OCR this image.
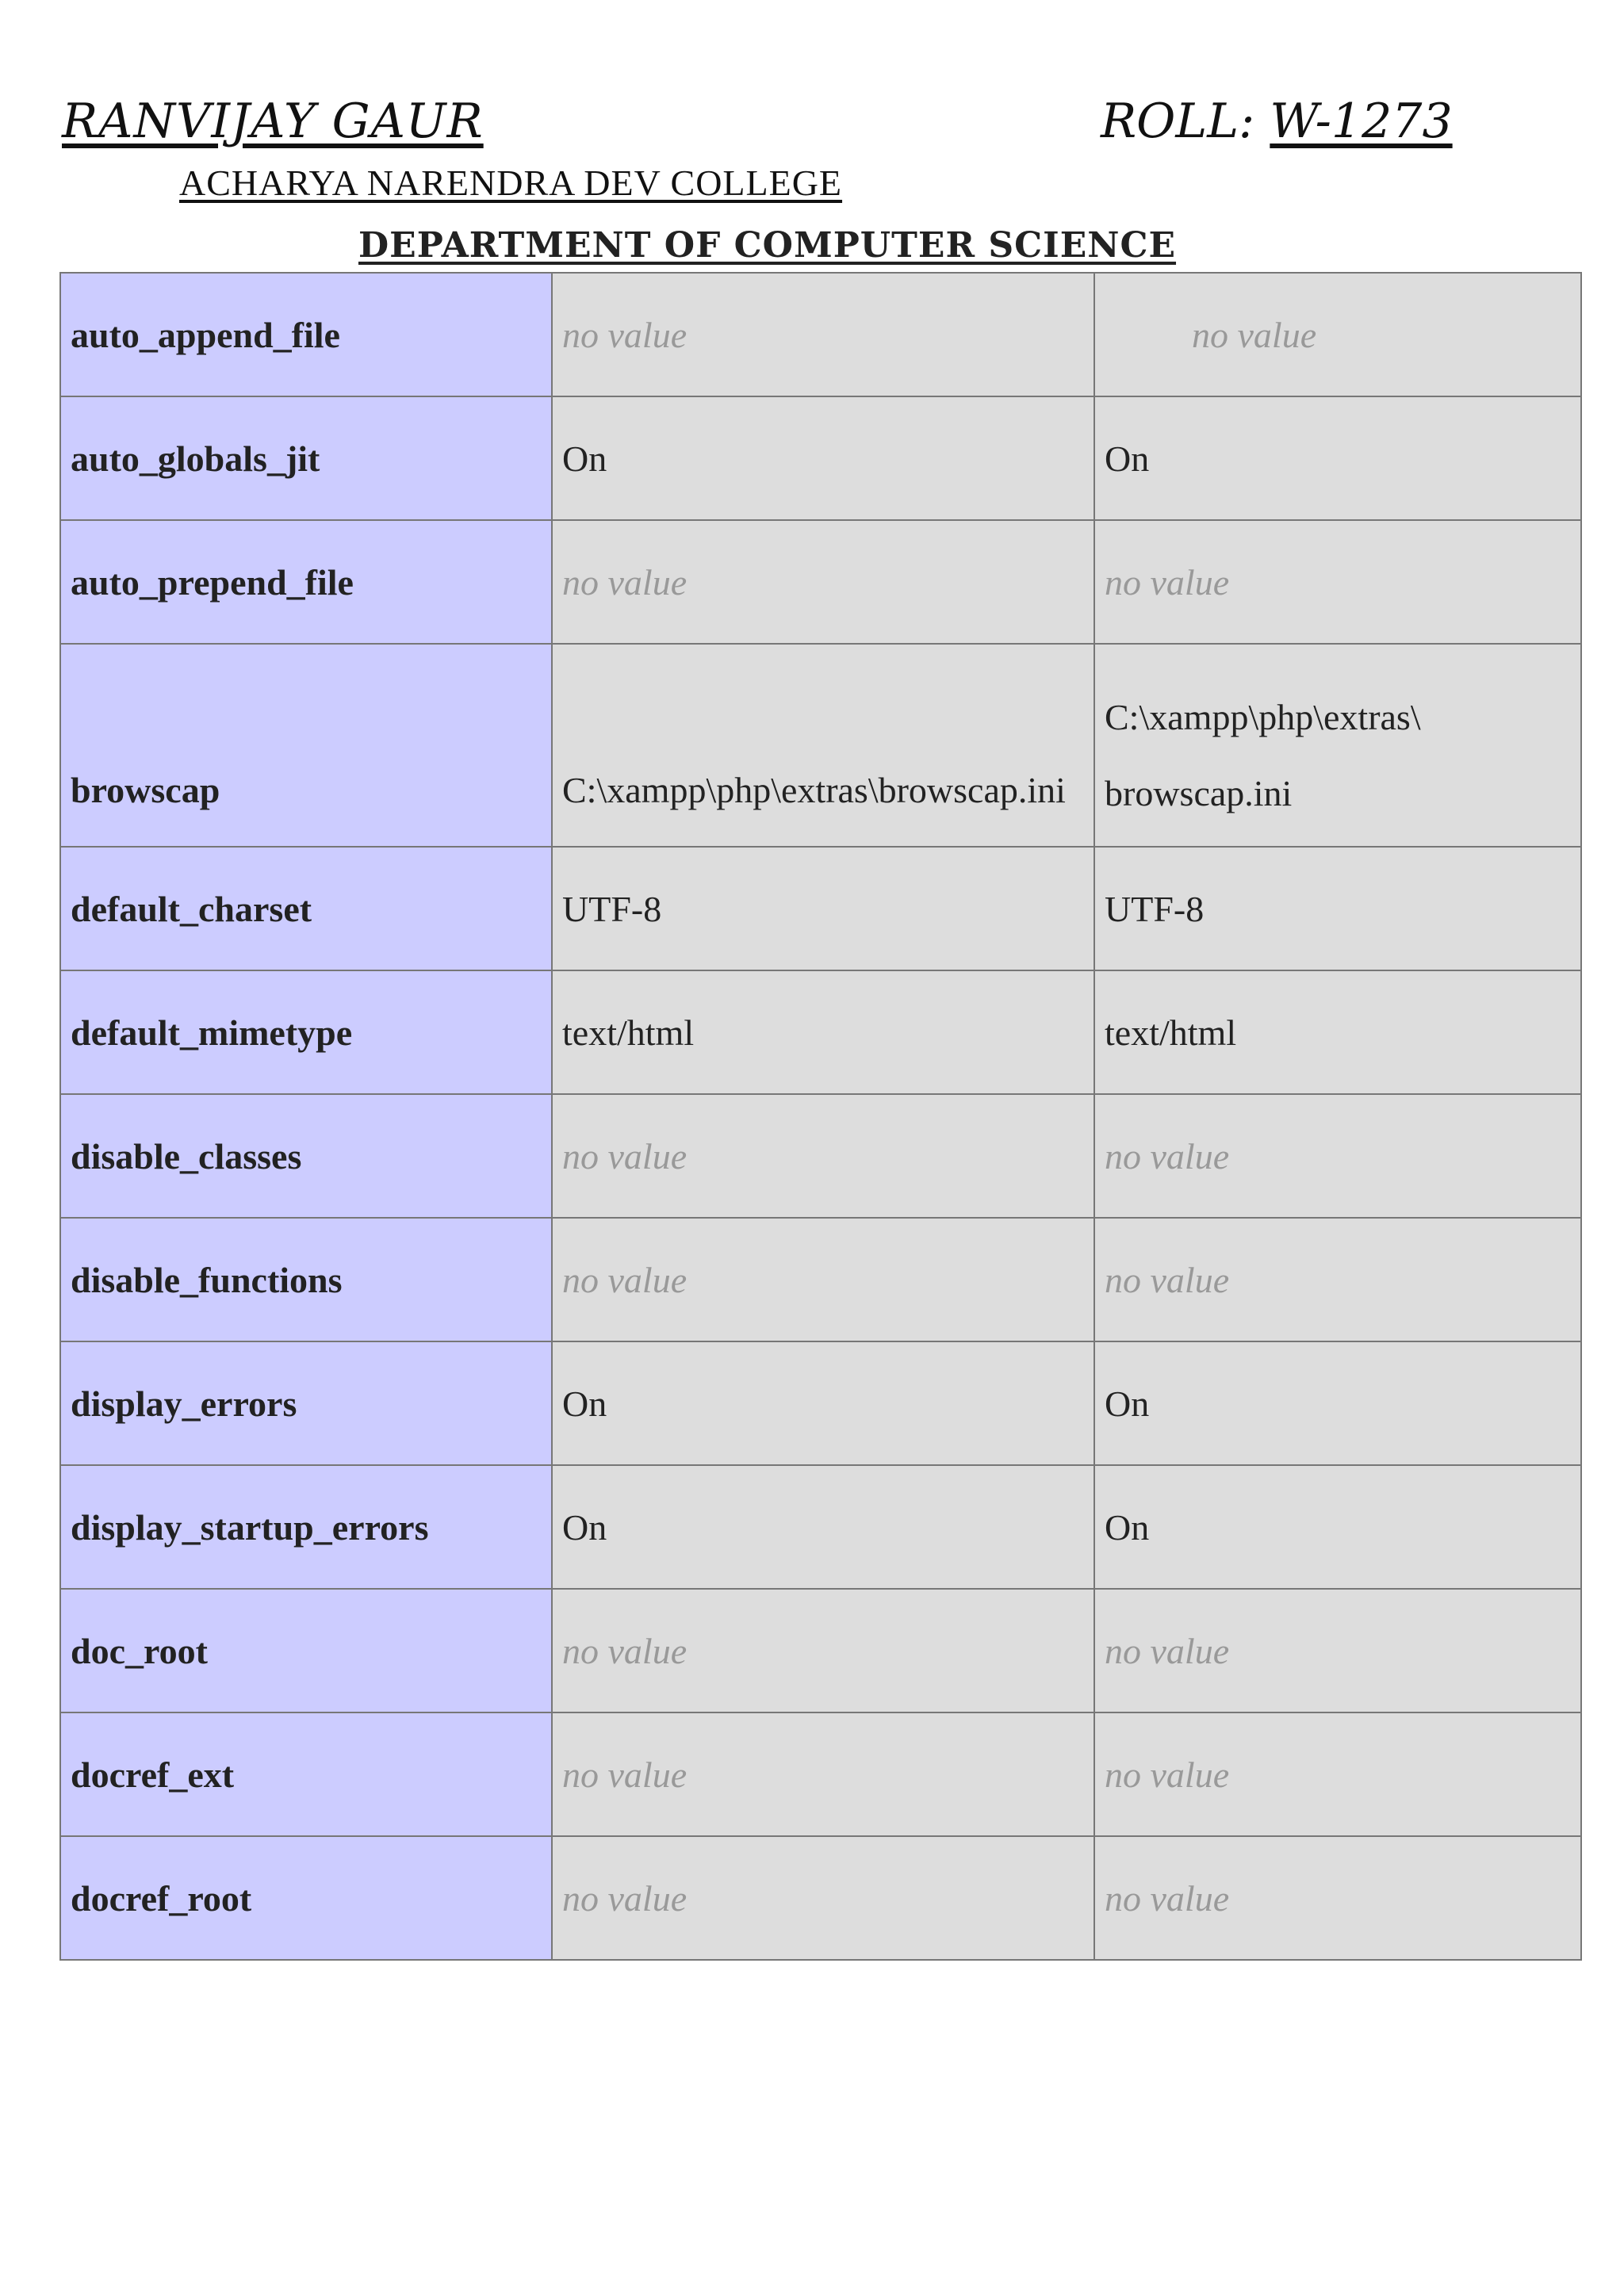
RANVIJAY GAUR	ROLL: W-1273
ACHARYA NARENDRA DEV COLLEGE
DEPARTMENT OF COMPUTER SCIENCE
auto_append_file	no value	no value
auto_globals_jit	On	On
auto_prepend_file	no value	no value
browscap	C:\xampp\php\extras\browscap.ini	C:\xampp\php\extras\ browscap.ini
default_charset	UTF-8	UTF-8
default_mimetype	text/html	text/html
disable_classes	no value	no value
disable_functions	no value	no value
display_errors	On	On
display_startup_errors	On	On
doc_root	no value	no value
docref_ext	no value	no value
docref_root	no value	no value
